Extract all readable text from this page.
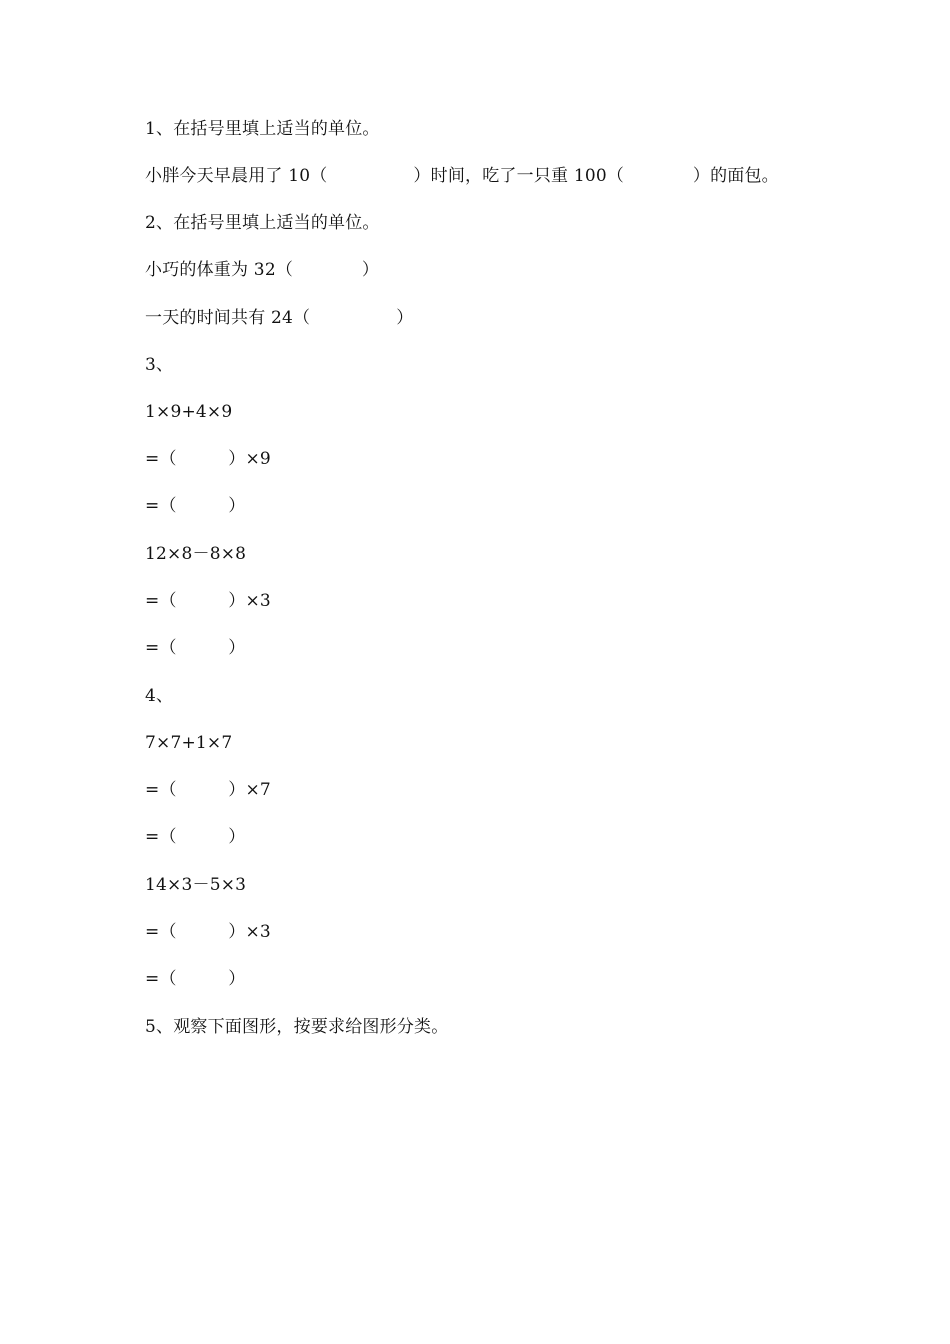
1、在括号里填上适当的单位。
小胖今天早晨用了 10（　　　　　）时间，吃了一只重 100（　　　　）的面包。
2、在括号里填上适当的单位。
小巧的体重为 32（　　　　）
一天的时间共有 24（　　　　　）
3、
1×9+4×9
=（　　　）×9
=（　　　）
12×8－8×8
=（　　　）×3
=（　　　）
4、
7×7+1×7
=（　　　）×7
=（　　　）
14×3－5×3
=（　　　）×3
=（　　　）
5、观察下面图形，按要求给图形分类。
